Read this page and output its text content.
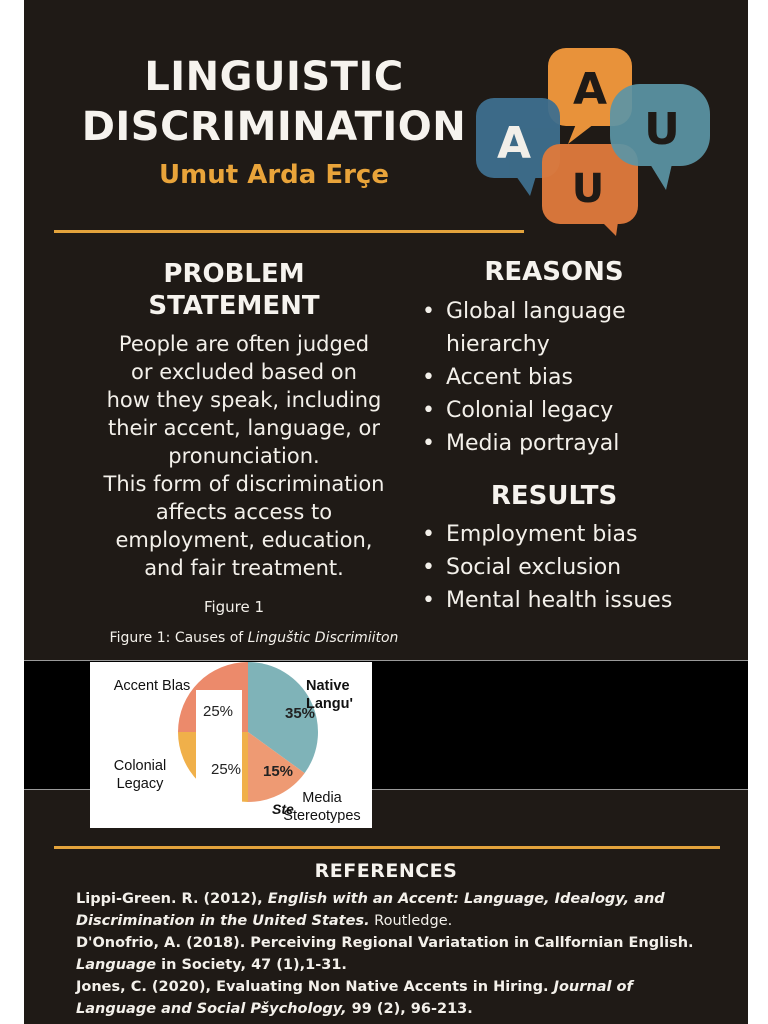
LINGUISTIC
DISCRIMINATION
Umut Arda Erçe
A
A
U
U
PROBLEM
STATEMENT
People are often judged
or excluded based on
how they speak, including
their accent, language, or
pronunciation.
This form of discrimination
affects access to
employment, education,
and fair treatment.
REASONS
• Global language hierarchy
• Accent bias
• Colonial legacy
• Media portrayal
RESULTS
• Employment bias
• Social exclusion
• Mental health issues
Figure 1
Figure 1: Causes of Linguštic Discrimiiton
35%
Native Langu'
15%
Media Stereotypes
25%
Colonial Legacy
25%
Accent Blas
Ste
REFERENCES

Lippi-Green. R. (2012), English with an Accent: Language, Idealogy, and Discrimination in the United States. Routledge.

D'Onofrio, A. (2018). Perceiving Regional Variatation in Callfornian English. Language in Society, 47 (1),1-31.

Jones, C. (2020), Evaluating Non Native Accents in Hiring. Journal of Language and Social Pšychology, 99 (2), 96-213.
